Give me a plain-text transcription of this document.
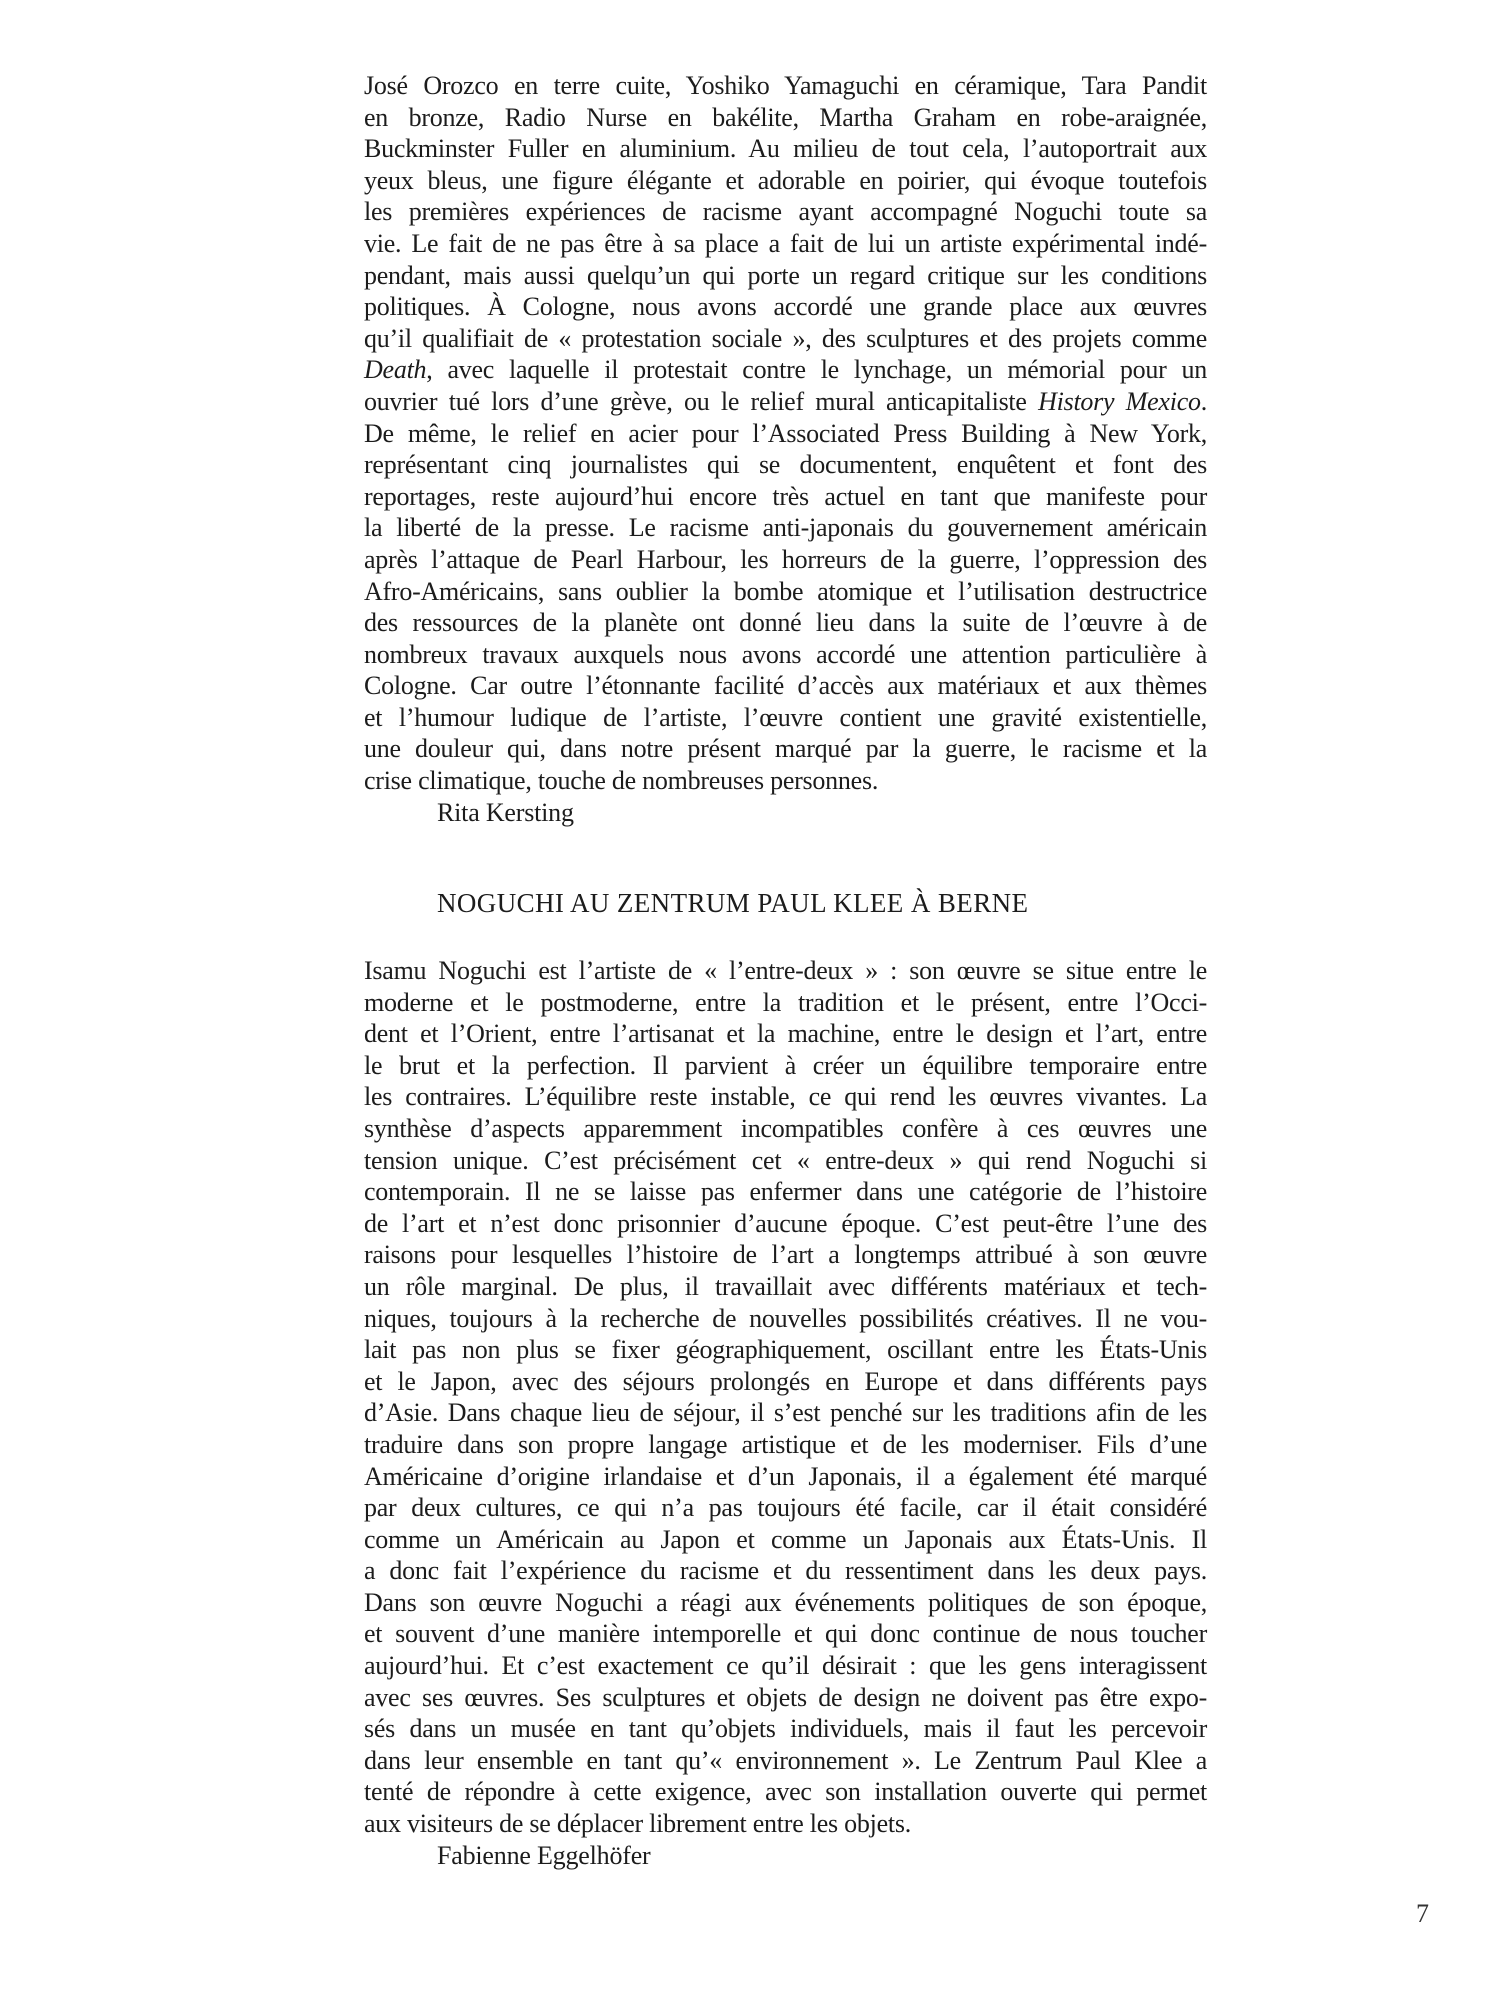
José Orozco en terre cuite, Yoshiko Yamaguchi en céramique, Tara Pandit
en bronze, Radio Nurse en bakélite, Martha Graham en robe-araignée,
Buckminster Fuller en aluminium. Au milieu de tout cela, l’autoportrait aux
yeux bleus, une figure élégante et adorable en poirier, qui évoque toutefois
les premières expériences de racisme ayant accompagné Noguchi toute sa
vie. Le fait de ne pas être à sa place a fait de lui un artiste expérimental indé-
pendant, mais aussi quelqu’un qui porte un regard critique sur les conditions
politiques. À Cologne, nous avons accordé une grande place aux œuvres
qu’il qualifiait de « protestation sociale », des sculptures et des projets comme
Death, avec laquelle il protestait contre le lynchage, un mémorial pour un
ouvrier tué lors d’une grève, ou le relief mural anticapitaliste History Mexico.
De même, le relief en acier pour l’Associated Press Building à New York,
représentant cinq journalistes qui se documentent, enquêtent et font des
reportages, reste aujourd’hui encore très actuel en tant que manifeste pour
la liberté de la presse. Le racisme anti-japonais du gouvernement américain
après l’attaque de Pearl Harbour, les horreurs de la guerre, l’oppression des
Afro-Américains, sans oublier la bombe atomique et l’utilisation destructrice
des ressources de la planète ont donné lieu dans la suite de l’œuvre à de
nombreux travaux auxquels nous avons accordé une attention particulière à
Cologne. Car outre l’étonnante facilité d’accès aux matériaux et aux thèmes
et l’humour ludique de l’artiste, l’œuvre contient une gravité existentielle,
une douleur qui, dans notre présent marqué par la guerre, le racisme et la
crise climatique, touche de nombreuses personnes.
Rita Kersting
NOGUCHI AU ZENTRUM PAUL KLEE À BERNE
Isamu Noguchi est l’artiste de « l’entre-deux » : son œuvre se situe entre le
moderne et le postmoderne, entre la tradition et le présent, entre l’Occi-
dent et l’Orient, entre l’artisanat et la machine, entre le design et l’art, entre
le brut et la perfection. Il parvient à créer un équilibre temporaire entre
les contraires. L’équilibre reste instable, ce qui rend les œuvres vivantes. La
synthèse d’aspects apparemment incompatibles confère à ces œuvres une
tension unique. C’est précisément cet « entre-deux » qui rend Noguchi si
contemporain. Il ne se laisse pas enfermer dans une catégorie de l’histoire
de l’art et n’est donc prisonnier d’aucune époque. C’est peut-être l’une des
raisons pour lesquelles l’histoire de l’art a longtemps attribué à son œuvre
un rôle marginal. De plus, il travaillait avec différents matériaux et tech-
niques, toujours à la recherche de nouvelles possibilités créatives. Il ne vou-
lait pas non plus se fixer géographiquement, oscillant entre les États-Unis
et le Japon, avec des séjours prolongés en Europe et dans différents pays
d’Asie. Dans chaque lieu de séjour, il s’est penché sur les traditions afin de les
traduire dans son propre langage artistique et de les moderniser. Fils d’une
Américaine d’origine irlandaise et d’un Japonais, il a également été marqué
par deux cultures, ce qui n’a pas toujours été facile, car il était considéré
comme un Américain au Japon et comme un Japonais aux États-Unis. Il
a donc fait l’expérience du racisme et du ressentiment dans les deux pays.
Dans son œuvre Noguchi a réagi aux événements politiques de son époque,
et souvent d’une manière intemporelle et qui donc continue de nous toucher
aujourd’hui. Et c’est exactement ce qu’il désirait : que les gens interagissent
avec ses œuvres. Ses sculptures et objets de design ne doivent pas être expo-
sés dans un musée en tant qu’objets individuels, mais il faut les percevoir
dans leur ensemble en tant qu’« environnement ». Le Zentrum Paul Klee a
tenté de répondre à cette exigence, avec son installation ouverte qui permet
aux visiteurs de se déplacer librement entre les objets.
Fabienne Eggelhöfer
7
